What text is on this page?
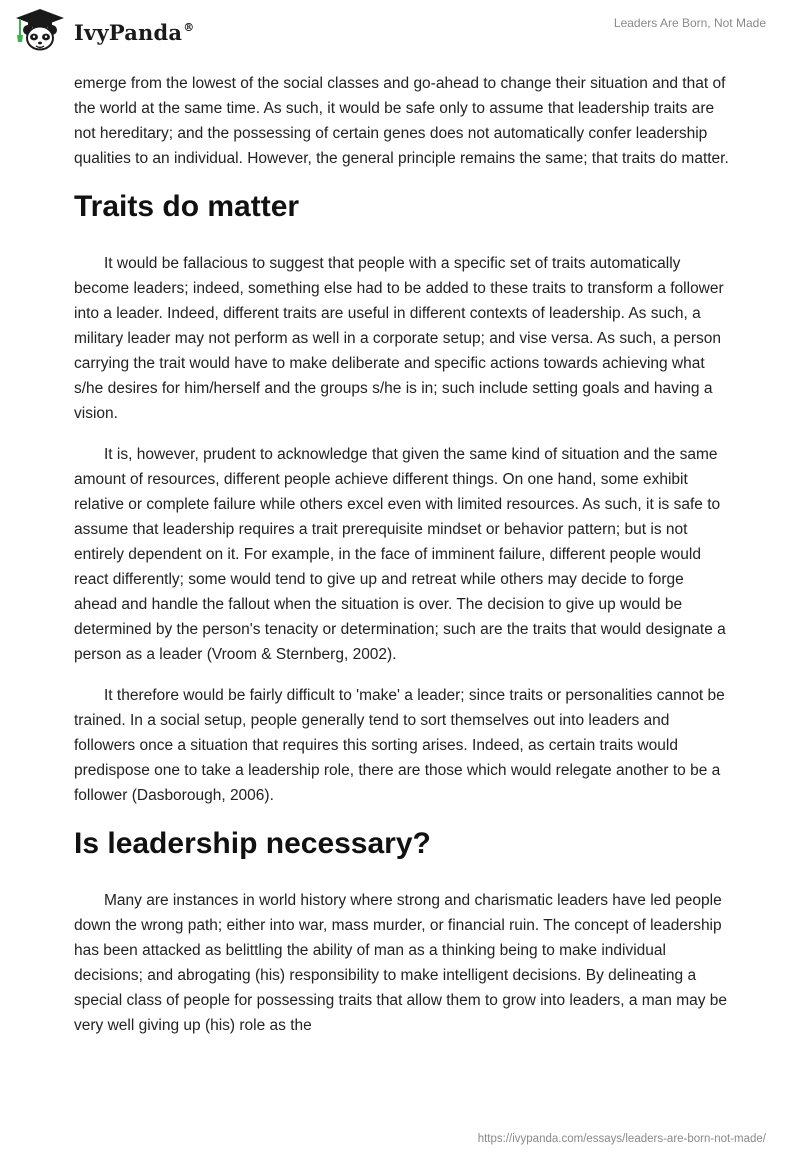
IvyPanda®	Leaders Are Born, Not Made

emerge from the lowest of the social classes and go-ahead to change their situation and that of the world at the same time. As such, it would be safe only to assume that leadership traits are not hereditary; and the possessing of certain genes does not automatically confer leadership qualities to an individual. However, the general principle remains the same; that traits do matter.

Traits do matter

It would be fallacious to suggest that people with a specific set of traits automatically become leaders; indeed, something else had to be added to these traits to transform a follower into a leader. Indeed, different traits are useful in different contexts of leadership. As such, a military leader may not perform as well in a corporate setup; and vise versa. As such, a person carrying the trait would have to make deliberate and specific actions towards achieving what s/he desires for him/herself and the groups s/he is in; such include setting goals and having a vision.

It is, however, prudent to acknowledge that given the same kind of situation and the same amount of resources, different people achieve different things. On one hand, some exhibit relative or complete failure while others excel even with limited resources. As such, it is safe to assume that leadership requires a trait prerequisite mindset or behavior pattern; but is not entirely dependent on it. For example, in the face of imminent failure, different people would react differently; some would tend to give up and retreat while others may decide to forge ahead and handle the fallout when the situation is over. The decision to give up would be determined by the person's tenacity or determination; such are the traits that would designate a person as a leader (Vroom & Sternberg, 2002).

It therefore would be fairly difficult to 'make' a leader; since traits or personalities cannot be trained. In a social setup, people generally tend to sort themselves out into leaders and followers once a situation that requires this sorting arises. Indeed, as certain traits would predispose one to take a leadership role, there are those which would relegate another to be a follower (Dasborough, 2006).

Is leadership necessary?

Many are instances in world history where strong and charismatic leaders have led people down the wrong path; either into war, mass murder, or financial ruin. The concept of leadership has been attacked as belittling the ability of man as a thinking being to make individual decisions; and abrogating (his) responsibility to make intelligent decisions. By delineating a special class of people for possessing traits that allow them to grow into leaders, a man may be very well giving up (his) role as the

https://ivypanda.com/essays/leaders-are-born-not-made/
